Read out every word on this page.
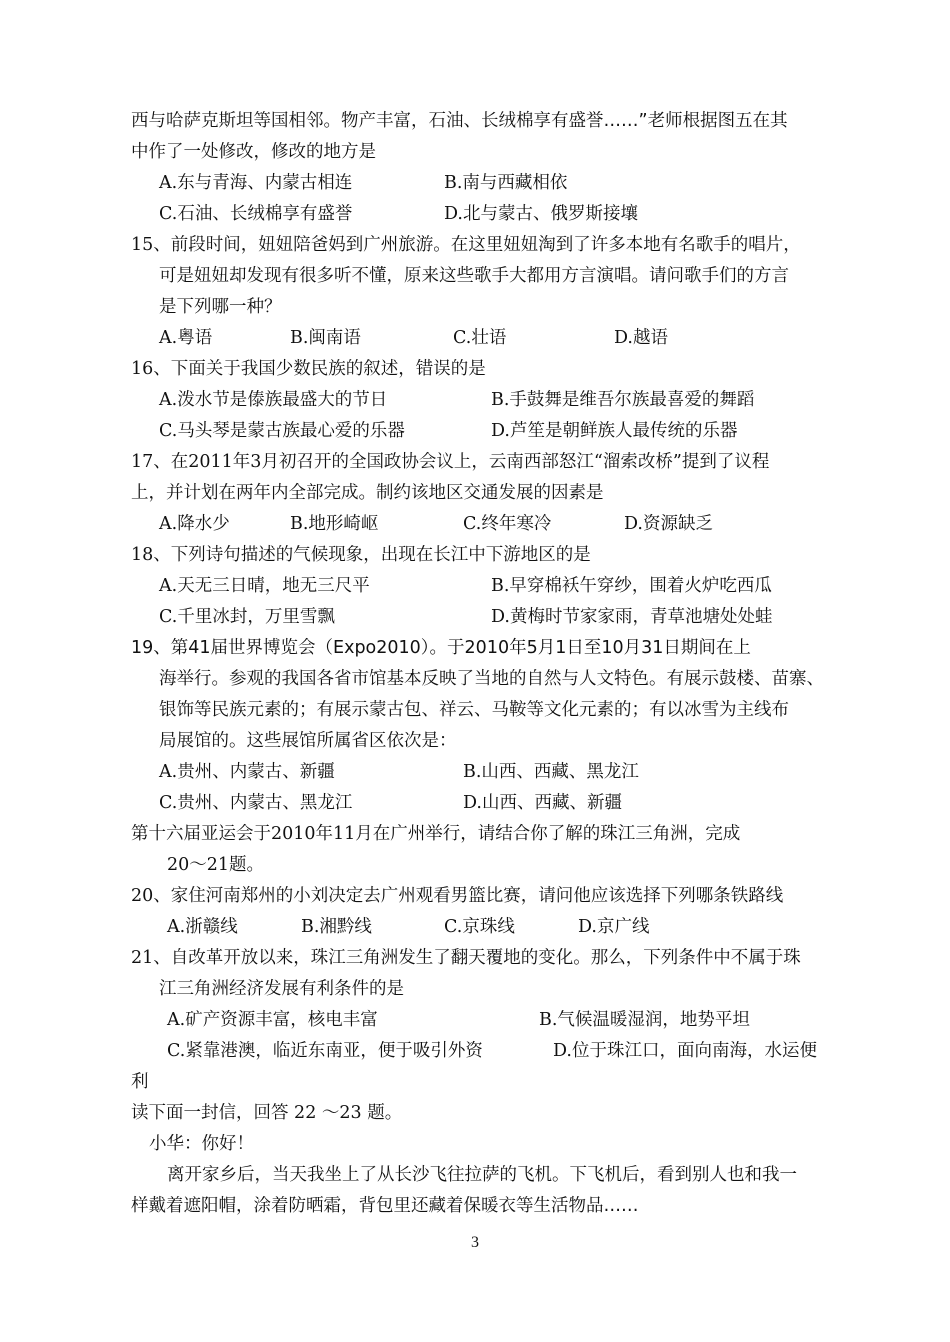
西与哈萨克斯坦等国相邻。物产丰富，石油、长绒棉享有盛誉……”老师根据图五在其
中作了一处修改，修改的地方是
A.东与青海、内蒙古相连	B.南与西藏相依
C.石油、长绒棉享有盛誉	D.北与蒙古、俄罗斯接壤
15、前段时间，妞妞陪爸妈到广州旅游。在这里妞妞淘到了许多本地有名歌手的唱片，
可是妞妞却发现有很多听不懂，原来这些歌手大都用方言演唱。请问歌手们的方言
是下列哪一种？
A.粤语	B.闽南语	C.壮语	D.越语
16、下面关于我国少数民族的叙述，错误的是
A.泼水节是傣族最盛大的节日	B.手鼓舞是维吾尔族最喜爱的舞蹈
C.马头琴是蒙古族最心爱的乐器	D.芦笙是朝鲜族人最传统的乐器
17、在2011年3月初召开的全国政协会议上，云南西部怒江“溜索改桥”提到了议程
上，并计划在两年内全部完成。制约该地区交通发展的因素是
A.降水少	B.地形崎岖	C.终年寒冷	D.资源缺乏
18、下列诗句描述的气候现象，出现在长江中下游地区的是
A.天无三日晴，地无三尺平	B.早穿棉袄午穿纱，围着火炉吃西瓜
C.千里冰封，万里雪飘	D.黄梅时节家家雨，青草池塘处处蛙
19、第41届世界博览会（Expo2010）。于2010年5月1日至10月31日期间在上
海举行。参观的我国各省市馆基本反映了当地的自然与人文特色。有展示鼓楼、苗寨、
银饰等民族元素的；有展示蒙古包、祥云、马鞍等文化元素的；有以冰雪为主线布
局展馆的。这些展馆所属省区依次是：
A.贵州、内蒙古、新疆	B.山西、西藏、黑龙江
C.贵州、内蒙古、黑龙江	D.山西、西藏、新疆
第十六届亚运会于2010年11月在广州举行，请结合你了解的珠江三角洲，完成
20～21题。
20、家住河南郑州的小刘决定去广州观看男篮比赛，请问他应该选择下列哪条铁路线
A.浙赣线	B.湘黔线	C.京珠线	D.京广线
21、自改革开放以来，珠江三角洲发生了翻天覆地的变化。那么，下列条件中不属于珠
江三角洲经济发展有利条件的是
A.矿产资源丰富，核电丰富	B.气候温暖湿润，地势平坦
C.紧靠港澳，临近东南亚，便于吸引外资	D.位于珠江口，面向南海，水运便
利
读下面一封信，回答 22 ～23 题。
小华：你好！
离开家乡后，当天我坐上了从长沙飞往拉萨的飞机。下飞机后，看到别人也和我一
样戴着遮阳帽，涂着防晒霜，背包里还藏着保暖衣等生活物品……
3
